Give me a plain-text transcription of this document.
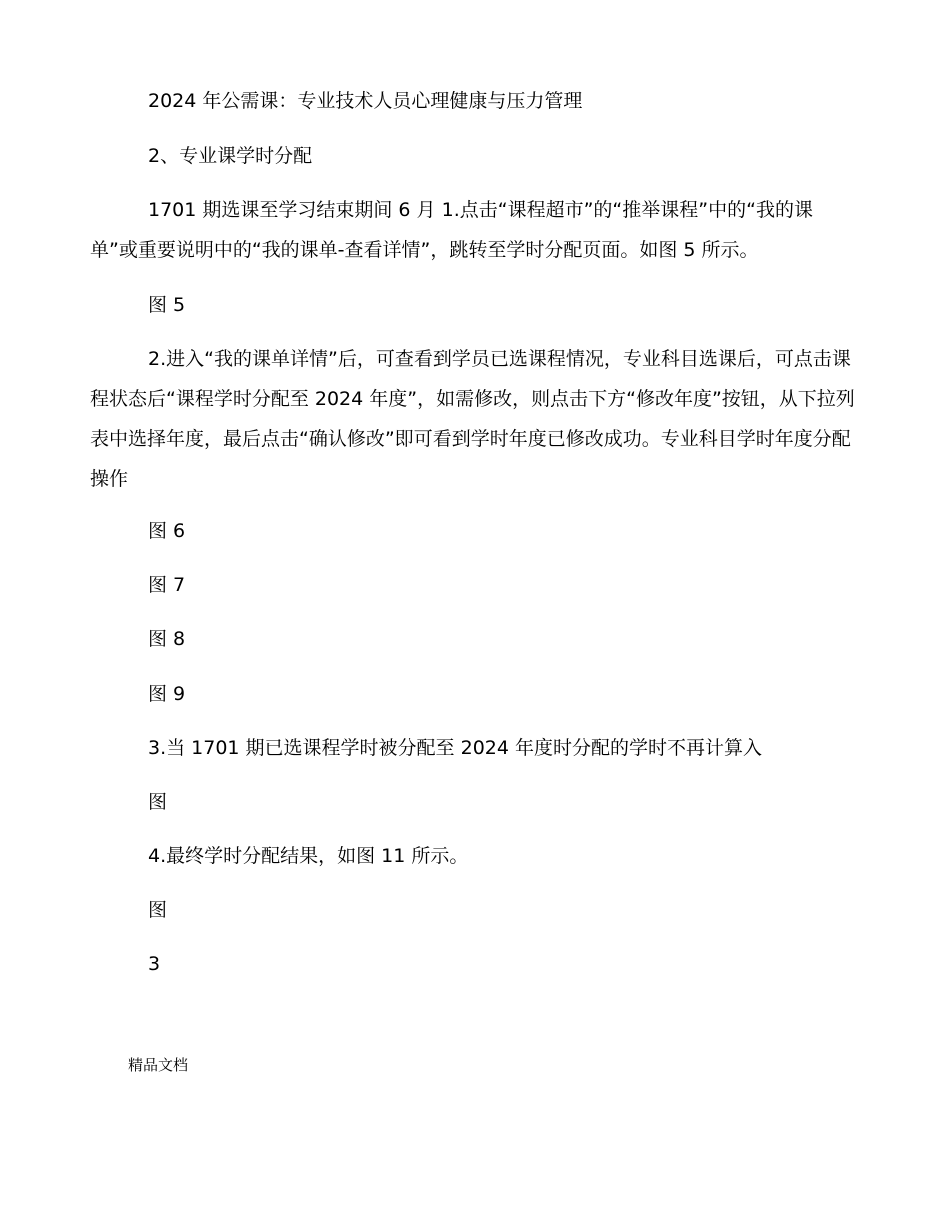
2024 年公需课：专业技术人员心理健康与压力管理

2、专业课学时分配

1701 期选课至学习结束期间 6 月 1.点击“课程超市”的“推举课程”中的“我的课单”或重要说明中的“我的课单-查看详情”，跳转至学时分配页面。如图 5 所示。

图 5

2.进入“我的课单详情”后，可查看到学员已选课程情况，专业科目选课后，可点击课程状态后“课程学时分配至 2024 年度”，如需修改，则点击下方“修改年度”按钮，从下拉列表中选择年度，最后点击“确认修改”即可看到学时年度已修改成功。专业科目学时年度分配操作

图 6

图 7

图 8

图 9

3.当 1701 期已选课程学时被分配至 2024 年度时分配的学时不再计算入

图

4.最终学时分配结果，如图 11 所示。

图

3

精品文档
